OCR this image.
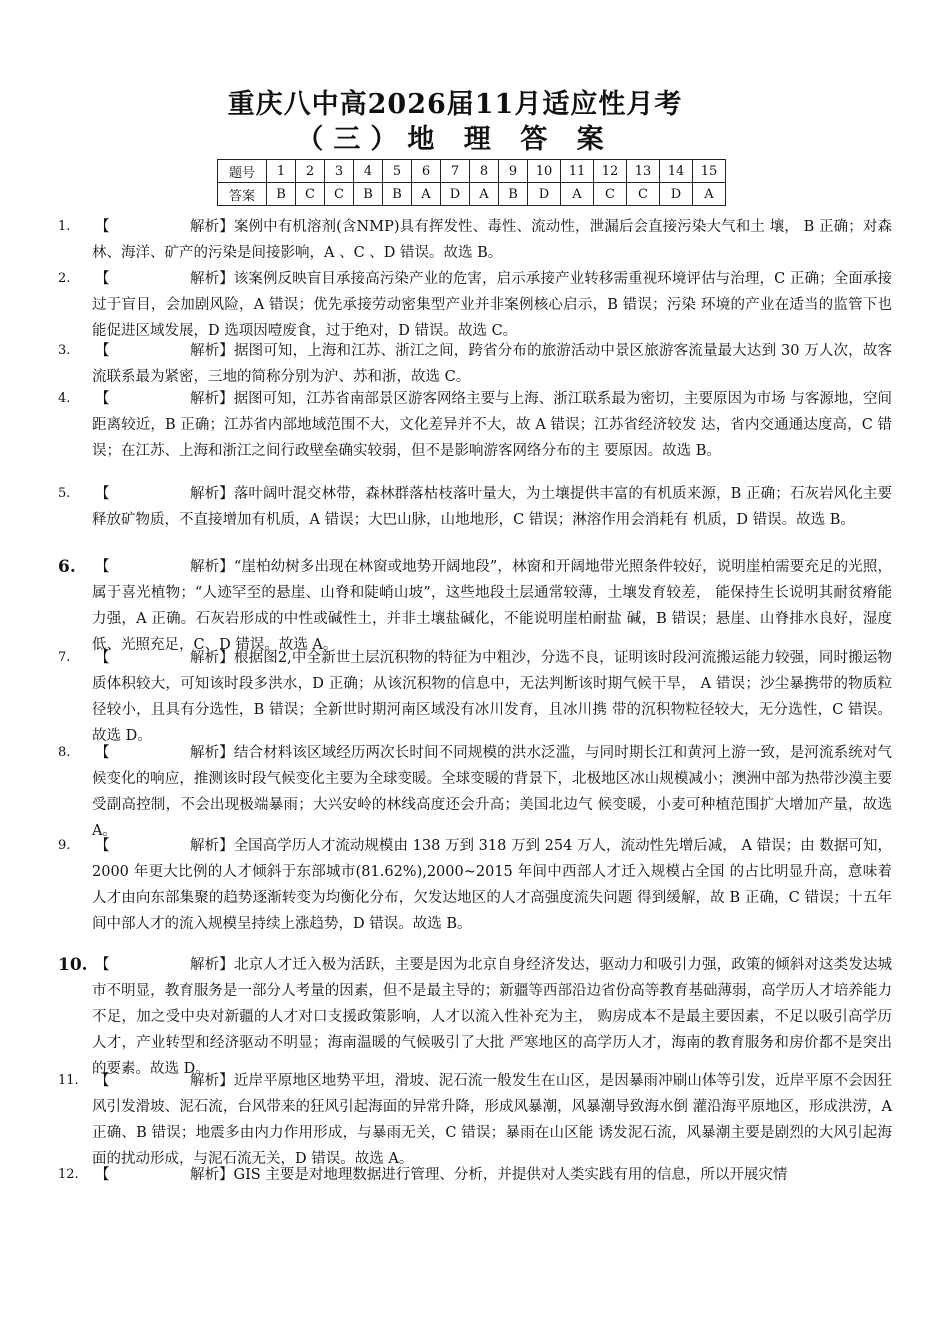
重庆八中高2026届11月适应性月考
（三）地 理 答 案
题号	1	2	3	4	5	6	7	8	9	10	11	12	13	14	15
答案	B	C	C	B	B	A	D	A	B	D	A	C	C	D	A
1. 【	解析】案例中有机溶剂(含NMP)具有挥发性、毒性、流动性，泄漏后会直接污染大气和土 壤， B 正确；对森林、海洋、矿产的污染是间接影响，A 、C 、D 错误。故选 B。
2. 【	解析】该案例反映盲目承接高污染产业的危害，启示承接产业转移需重视环境评估与治理，C 正确；全面承接过于盲目，会加剧风险，A 错误；优先承接劳动密集型产业并非案例核心启示，B 错误；污染 环境的产业在适当的监管下也能促进区域发展，D 选项因噎废食，过于绝对，D 错误。故选 C。
3. 【	解析】据图可知，上海和江苏、浙江之间，跨省分布的旅游活动中景区旅游客流量最大达到 30 万人次，故客流联系最为紧密，三地的简称分别为沪、苏和浙，故选 C。
4. 【	解析】据图可知，江苏省南部景区游客网络主要与上海、浙江联系最为密切，主要原因为市场 与客源地，空间距离较近，B 正确；江苏省内部地域范围不大，文化差异并不大，故 A 错误；江苏省经济较发 达，省内交通通达度高，C 错误；在江苏、上海和浙江之间行政壁垒确实较弱，但不是影响游客网络分布的主 要原因。故选 B。
5. 【	解析】落叶阔叶混交林带，森林群落枯枝落叶量大，为土壤提供丰富的有机质来源，B 正确；石灰岩风化主要释放矿物质，不直接增加有机质，A 错误；大巴山脉，山地地形，C 错误；淋溶作用会消耗有 机质，D 错误。故选 B。
6. 【	解析】“崖柏幼树多出现在林窗或地势开阔地段”，林窗和开阔地带光照条件较好，说明崖柏需要充足的光照，属于喜光植物；“人迹罕至的悬崖、山脊和陡峭山坡”，这些地段土层通常较薄，土壤发育较差， 能保持生长说明其耐贫瘠能力强，A 正确。石灰岩形成的中性或碱性土，并非土壤盐碱化，不能说明崖柏耐盐 碱，B 错误；悬崖、山脊排水良好，湿度低、光照充足，C、D 错误。故选 A。
7. 【	解析】根据图2,中全新世土层沉积物的特征为中粗沙，分选不良，证明该时段河流搬运能力较强，同时搬运物质体积较大，可知该时段多洪水，D 正确；从该沉积物的信息中，无法判断该时期气候干旱， A 错误；沙尘暴携带的物质粒径较小，且具有分选性，B 错误；全新世时期河南区域没有冰川发育，且冰川携 带的沉积物粒径较大，无分选性，C 错误。故选 D。
8. 【	解析】结合材料该区域经历两次长时间不同规模的洪水泛滥，与同时期长江和黄河上游一致，是河流系统对气候变化的响应，推测该时段气候变化主要为全球变暖。全球变暖的背景下，北极地区冰山规模减小；澳洲中部为热带沙漠主要受副高控制，不会出现极端暴雨；大兴安岭的林线高度还会升高；美国北边气 候变暖，小麦可种植范围扩大增加产量，故选 A。
9. 【	解析】全国高学历人才流动规模由 138 万到 318 万到 254 万人，流动性先增后减， A 错误；由 数据可知，2000 年更大比例的人才倾斜于东部城市(81.62%),2000~2015 年间中西部人才迁入规模占全国 的占比明显升高，意味着人才由向东部集聚的趋势逐渐转变为均衡化分布，欠发达地区的人才高强度流失问题 得到缓解，故 B 正确，C 错误；十五年间中部人才的流入规模呈持续上涨趋势，D 错误。故选 B。
10. 【	解析】北京人才迁入极为活跃，主要是因为北京自身经济发达，驱动力和吸引力强，政策的倾斜对这类发达城市不明显，教育服务是一部分人考量的因素，但不是最主导的；新疆等西部沿边省份高等教育基础薄弱，高学历人才培养能力不足，加之受中央对新疆的人才对口支援政策影响，人才以流入性补充为主， 购房成本不是最主要因素，不足以吸引高学历人才，产业转型和经济驱动不明显；海南温暖的气候吸引了大批 严寒地区的高学历人才，海南的教育服务和房价都不是突出的要素。故选 D。
11. 【	解析】近岸平原地区地势平坦，滑坡、泥石流一般发生在山区，是因暴雨冲刷山体等引发，近岸平原不会因狂风引发滑坡、泥石流，台风带来的狂风引起海面的异常升降，形成风暴潮，风暴潮导致海水倒 灌沿海平原地区，形成洪涝，A 正确、B 错误；地震多由内力作用形成，与暴雨无关，C 错误；暴雨在山区能 诱发泥石流，风暴潮主要是剧烈的大风引起海面的扰动形成，与泥石流无关，D 错误。故选 A。
12. 【	解析】GIS 主要是对地理数据进行管理、分析，并提供对人类实践有用的信息，所以开展灾情
